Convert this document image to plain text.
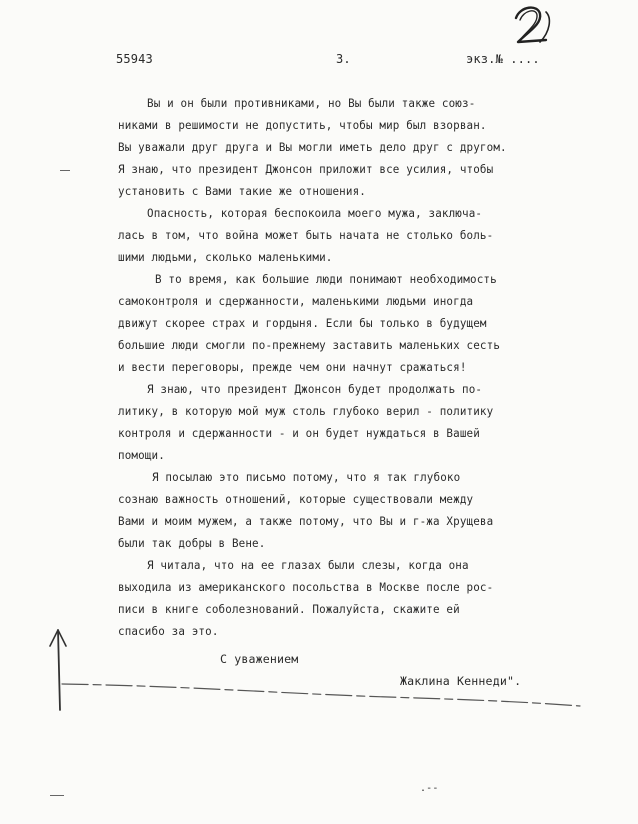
55943	3.	экз.№ ....
Вы и он были противниками, но Вы были также союз-
никами в решимости не допустить, чтобы мир был взорван.
Вы уважали друг друга и Вы могли иметь дело друг с другом.
Я знаю, что президент Джонсон приложит все усилия, чтобы
установить с Вами такие же отношения.
Опасность, которая беспокоила моего мужа, заключа-
лась в том, что война может быть начата не столько боль-
шими людьми, сколько маленькими.
В то время, как большие люди понимают необходимость
самоконтроля и сдержанности, маленькими людьми иногда
движут скорее страх и гордыня. Если бы только в будущем
большие люди смогли по-прежнему заставить маленьких сесть
и вести переговоры, прежде чем они начнут сражаться!
Я знаю, что президент Джонсон будет продолжать по-
литику, в которую мой муж столь глубоко верил - политику
контроля и сдержанности - и он будет нуждаться в Вашей
помощи.
Я посылаю это письмо потому, что я так глубоко
сознаю важность отношений, которые существовали между
Вами и моим мужем, а также потому, что Вы и г-жа Хрущева
были так добры в Вене.
Я читала, что на ее глазах были слезы, когда она
выходила из американского посольства в Москве после рос-
писи в книге соболезнований. Пожалуйста, скажите ей
спасибо за это.
С уважением
Жаклина Кеннеди".
.--
